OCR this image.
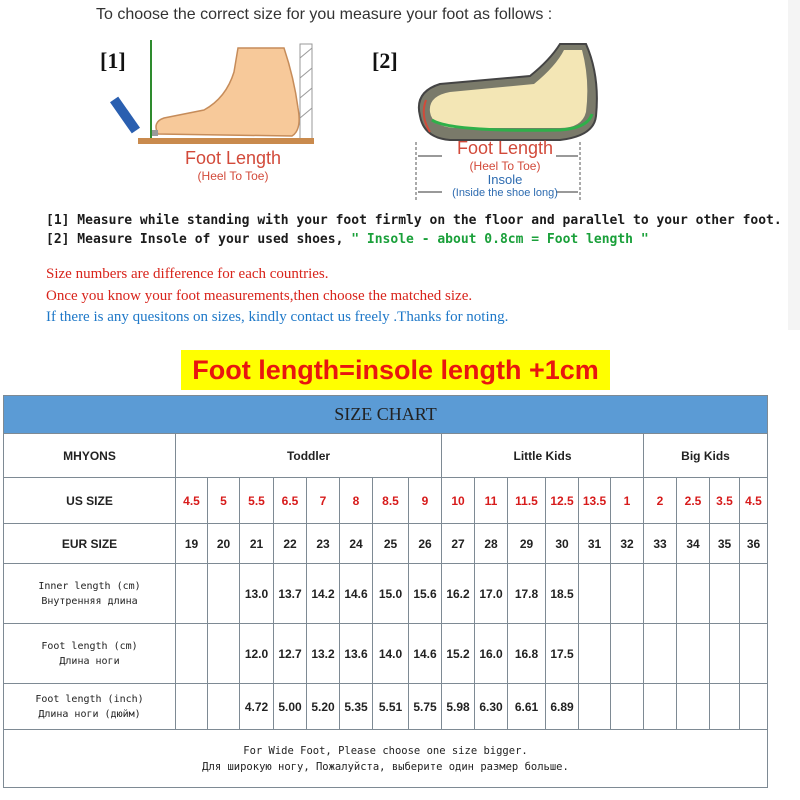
To choose the correct size for you measure your foot as follows :
[1]
Foot Length
(Heel To Toe)
[2]
Foot Length
(Heel To Toe)
Insole
(Inside the shoe long)
[1] Measure while standing with your foot firmly on the floor and parallel to your other foot.
[2] Measure Insole of your used shoes, " Insole - about 0.8cm = Foot length "
Size numbers are difference for each countries.
Once you know your foot measurements,then choose the matched size.
If there is any quesitons on sizes, kindly contact us freely .Thanks for noting.
Foot length=insole length +1cm
SIZE CHART																		
MHYONS	Toddler								Little Kids						Big Kids			
US SIZE	4.5	5	5.5	6.5	7	8	8.5	9	10	11	11.5	12.5	13.5	1	2	2.5	3.5	4.5
EUR SIZE	19	20	21	22	23	24	25	26	27	28	29	30	31	32	33	34	35	36

Inner length (cm)
Внутренняя длина			13.0	13.7	14.2	14.6	15.0	15.6	16.2	17.0	17.8	18.5						

Foot length (cm)
Длина ноги			12.0	12.7	13.2	13.6	14.0	14.6	15.2	16.0	16.8	17.5						

Foot length (inch)
Длина ноги (дюйм)			4.72	5.00	5.20	5.35	5.51	5.75	5.98	6.30	6.61	6.89						

For Wide Foot, Please choose one size bigger.
Для широкую ногу, Пожалуйста, выберите один размер больше.																		
